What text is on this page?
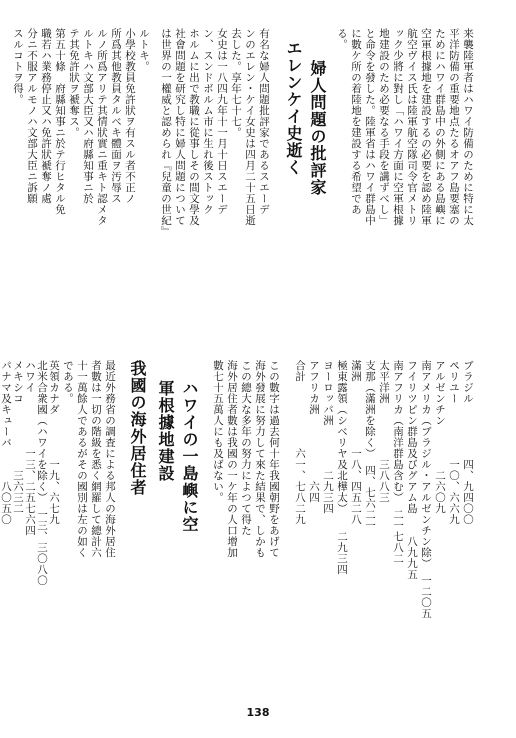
来襲陸軍者はハワイ防備のために特に太
平洋防備の重要地点たるオアフ島要塞の
ためにハワイ群島中の外側にある島嶼に
空軍根據地を建設するの必要を認め陸軍
航空ヴイス氏は陸軍航空隊司令官メトリ
ック少將に對し「ハワイ方面に空軍根據
地建設のため必要なる手段を講ずべし」
と命令を發した。陸軍省はハワイ群島中
に數ケ所の着陸地を建設する希望であ
る。
婦人問題の批評家
エレンケイ史逝く
有名な婦人問題批評家であるスエーデ
ンのエレン・ケイ女史は四月二十五日逝
去した。享年七十七。
女史は一八四九年十一月十日スエーデ
ン、スンドボルム市に生れ後ストック
ホルムに出で教職に從事しその間文學及
社會問題を研究し特に婦人問題について
は世界の一權威と認められ『兒童の世紀』
ブラジル　　　　　四、九四〇〇
ペリユー　　　　　一〇、六六九
アルゼンチン　　　　二六〇九
南アメリカ（ブラジル・アルゼンチン除）　一二〇五
フイリツピン群島及びグアム島　　八九九五
南アフリカ（南洋群島含む）　二一七八二
太平洋洲　　　　　三八八三
支那（滿洲を除く）　四、七六二一
滿洲　　　　　　一八、四五二八
極東露領（シベリヤ及北樺太）　　二九三四
ヨーロッパ洲　　　　二九三四
アフリカ洲　　　　　　六四
合計　　　　　　六一、七八二九
この數字は過去何十年我國朝野をあげて
海外發展に努力して來た結果で、しかも
この總大な多年の努力によつて得た
海外居住者數は我國の一ケ年の人口增加
數七十五萬人にも及ばない。
ハワイの一島嶼に空
軍根據地建設
ルトキ。
小學校教員免許狀ヲ有スル者不正ノ
所爲其他教員タルベキ體面ヲ汚辱ス
ルノ所爲アリテ其情狀實ニ重キト認メタ
ルトキハ文部大臣又ハ府縣知事ニ於
テ其免許狀ヲ褫奪ス。
第五十條　府縣知事ニ於テ行ヒタル免
職若ハ業務停止又ハ免許狀褫奪ノ處
分ニ不服アルモノハ文部大臣ニ訴願
スルコトヲ得。
我國の海外居住者
最近外務省の調査による邦人の海外居住
者數は一切の階級を悉く網羅して總計六
十一萬餘人であるがその國別は左の如く
である。
英領カナダ　　　　一九、六七九
北米合衆國（ハワイを除く）　一三、三〇八〇
ハワイ　　　　　一三、二五七六四
メキシコ　　　　　　三六三二
パナマ及キューバ　　　八〇五〇
138
